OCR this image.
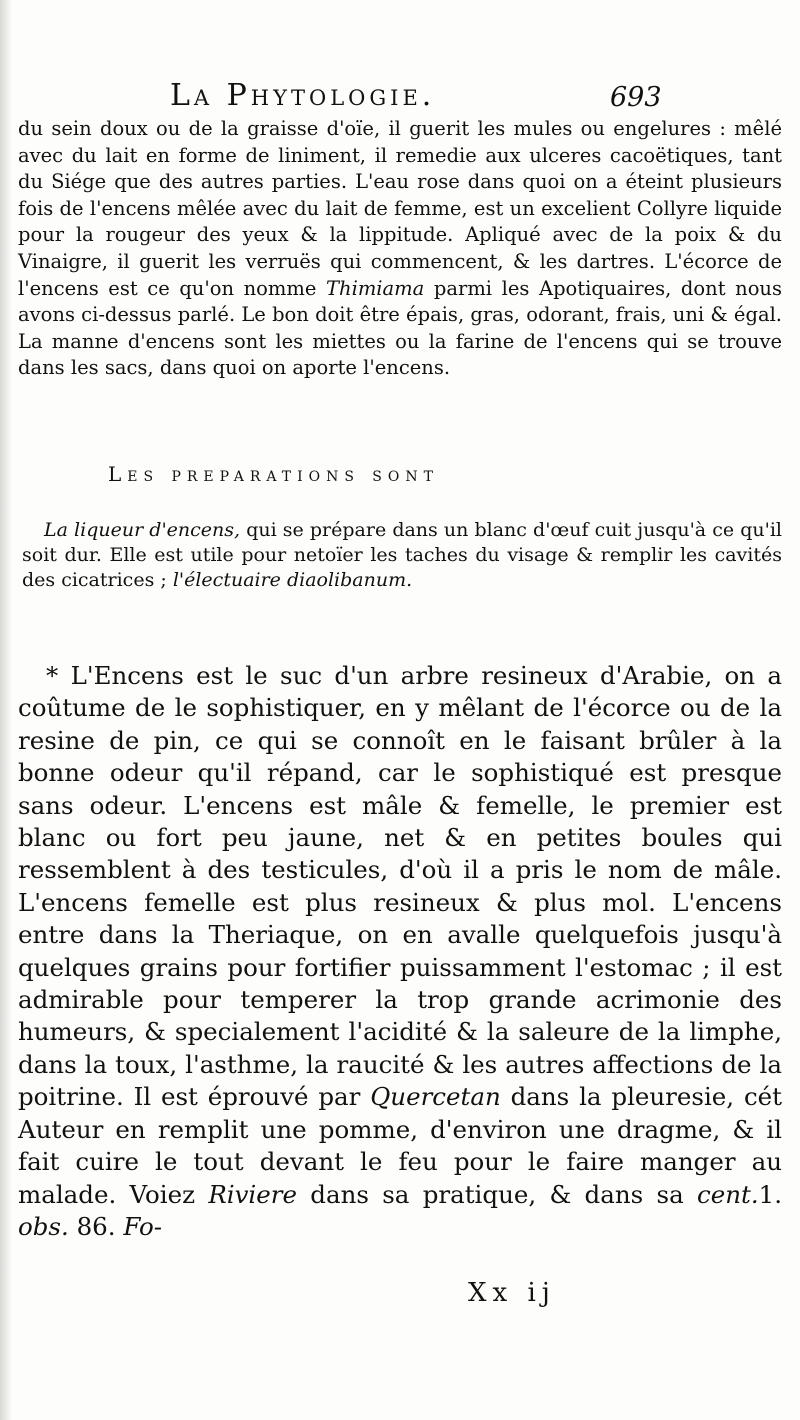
La Phytologie.	693

du sein doux ou de la graisse d'oïe, il guerit les mules ou engelures : mêlé avec du lait en forme de liniment, il remedie aux ulceres cacoëtiques, tant du Siége que des autres parties. L'eau rose dans quoi on a éteint plusieurs fois de l'encens mêlée avec du lait de femme, est un excelient Collyre liquide pour la rougeur des yeux & la lippitude. Apliqué avec de la poix & du Vinaigre, il guerit les verruës qui commencent, & les dartres. L'écorce de l'encens est ce qu'on nomme Thimiama parmi les Apotiquaires, dont nous avons ci-dessus parlé. Le bon doit être épais, gras, odorant, frais, uni & égal. La manne d'encens sont les miettes ou la farine de l'encens qui se trouve dans les sacs, dans quoi on aporte l'encens.

Les preparations sont

La liqueur d'encens, qui se prépare dans un blanc d'œuf cuit jusqu'à ce qu'il soit dur. Elle est utile pour netoïer les taches du visage & remplir les cavités des cicatrices ; l'électuaire diaolibanum.

* L'Encens est le suc d'un arbre resineux d'Arabie, on a coûtume de le sophistiquer, en y mêlant de l'écorce ou de la resine de pin, ce qui se connoît en le faisant brûler à la bonne odeur qu'il répand, car le sophistiqué est presque sans odeur. L'encens est mâle & femelle, le premier est blanc ou fort peu jaune, net & en petites boules qui ressemblent à des testicules, d'où il a pris le nom de mâle. L'encens femelle est plus resineux & plus mol. L'encens entre dans la Theriaque, on en avalle quelquefois jusqu'à quelques grains pour fortifier puissamment l'estomac ; il est admirable pour temperer la trop grande acrimonie des humeurs, & specialement l'acidité & la saleure de la limphe, dans la toux, l'asthme, la raucité & les autres affections de la poitrine. Il est éprouvé par Quercetan dans la pleuresie, cét Auteur en remplit une pomme, d'environ une dragme, & il fait cuire le tout devant le feu pour le faire manger au malade. Voiez Riviere dans sa pratique, & dans sa cent.1. obs. 86. Fo-

Xx ij
